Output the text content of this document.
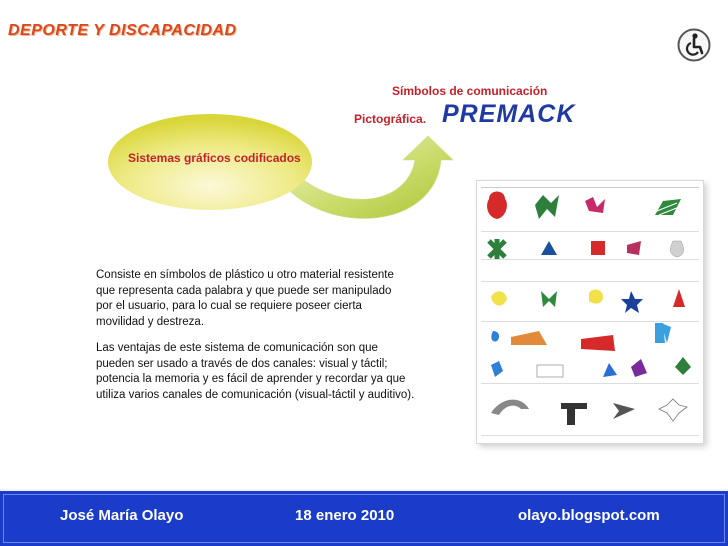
DEPORTE Y DISCAPACIDAD
Símbolos de comunicación
Pictográfica. PREMACK
Sistemas gráficos codificados
Consiste en símbolos de plástico u otro material resistente
que representa cada palabra y que puede ser manipulado
por el usuario, para lo cual se requiere poseer cierta
movilidad y destreza.
Las ventajas de este sistema de comunicación son que
pueden ser usado a través de dos canales: visual y táctil;
potencia la memoria y es fácil de aprender y recordar ya que
utiliza varios canales de comunicación (visual-táctil y auditivo).
José María Olayo	18 enero 2010	olayo.blogspot.com
